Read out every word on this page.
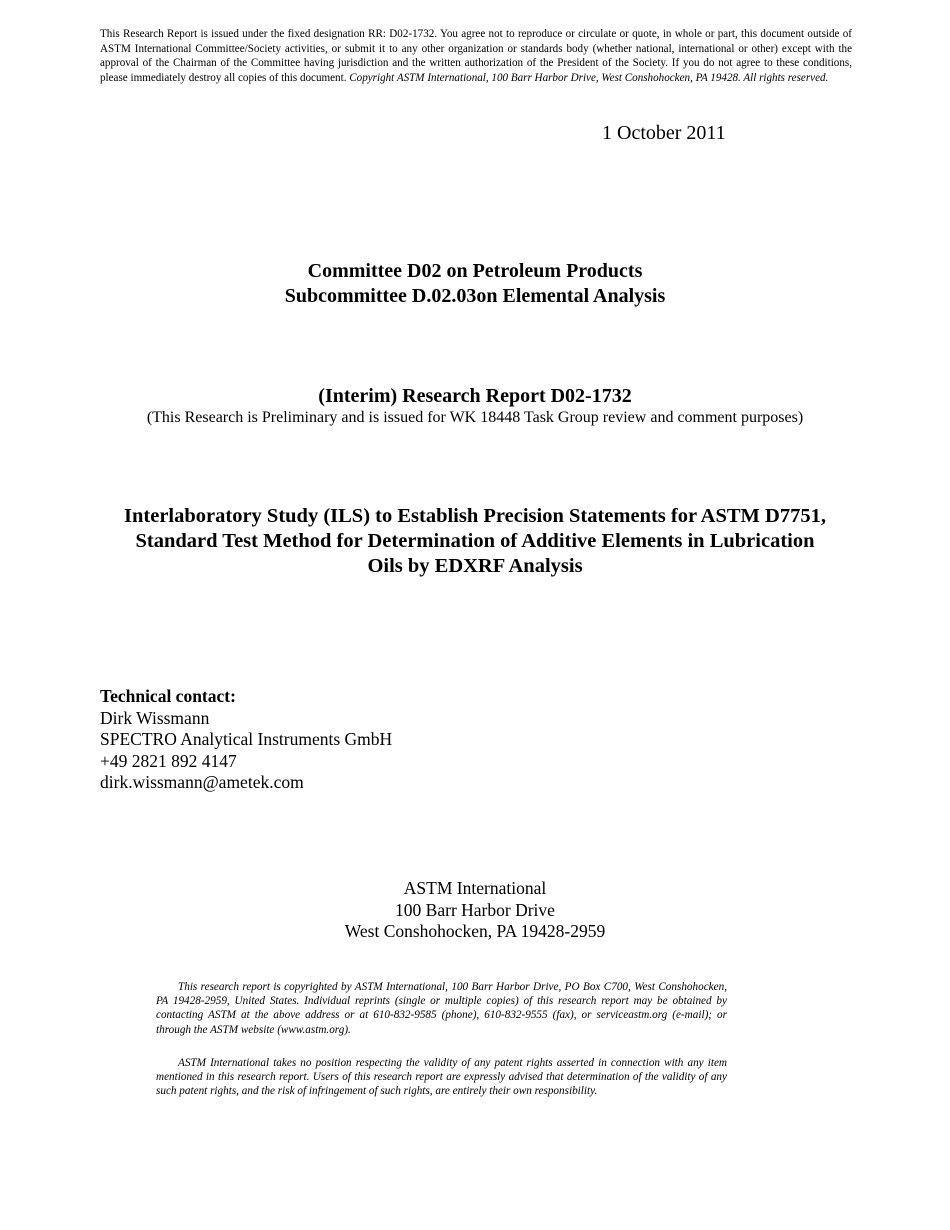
This Research Report is issued under the fixed designation RR: D02-1732. You agree not to reproduce or circulate or quote, in whole or part, this document outside of ASTM International Committee/Society activities, or submit it to any other organization or standards body (whether national, international or other) except with the approval of the Chairman of the Committee having jurisdiction and the written authorization of the President of the Society. If you do not agree to these conditions, please immediately destroy all copies of this document. Copyright ASTM International, 100 Barr Harbor Drive, West Conshohocken, PA 19428. All rights reserved.
1 October 2011
Committee D02 on Petroleum Products
Subcommittee D.02.03on Elemental Analysis
(Interim) Research Report D02-1732
(This Research is Preliminary and is issued for WK 18448 Task Group review and comment purposes)
Interlaboratory Study (ILS) to Establish Precision Statements for ASTM D7751,
Standard Test Method for Determination of Additive Elements in Lubrication
Oils by EDXRF Analysis
Technical contact:
Dirk Wissmann
SPECTRO Analytical Instruments GmbH
+49 2821 892 4147
dirk.wissmann@ametek.com
ASTM International
100 Barr Harbor Drive
West Conshohocken, PA 19428-2959
This research report is copyrighted by ASTM International, 100 Barr Harbor Drive, PO Box C700, West Conshohocken, PA 19428-2959, United States. Individual reprints (single or multiple copies) of this research report may be obtained by contacting ASTM at the above address or at 610-832-9585 (phone), 610-832-9555 (fax), or serviceastm.org (e-mail); or through the ASTM website (www.astm.org).
ASTM International takes no position respecting the validity of any patent rights asserted in connection with any item mentioned in this research report. Users of this research report are expressly advised that determination of the validity of any such patent rights, and the risk of infringement of such rights, are entirely their own responsibility.
